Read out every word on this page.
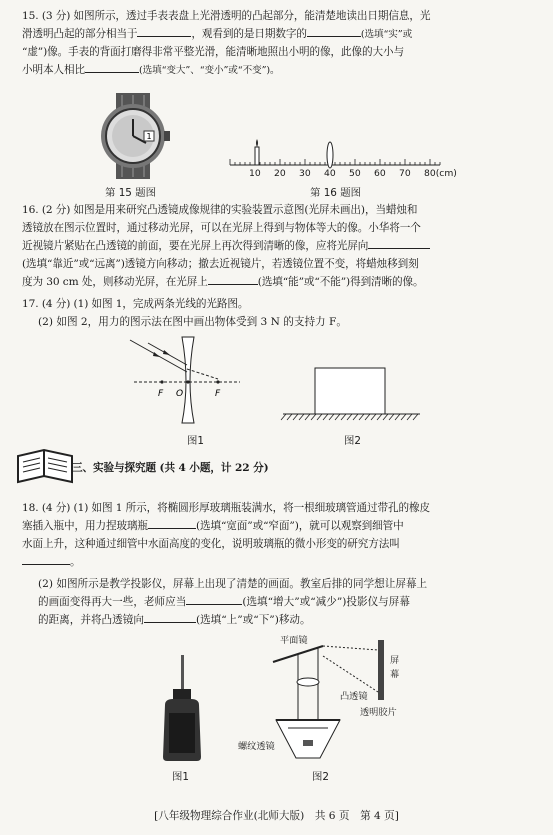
15. (3 分) 如图所示，透过手表表盘上光滑透明的凸起部分，能清楚地读出日期信息，光
滑透明凸起的部分相当于	，观看到的是日期数字的	(选填“实”或
“虚”)像。手表的背面打磨得非常平整光滑，能清晰地照出小明的像，此像的大小与
小明本人相比	(选填“变大”、“变小”或“不变”)。
1
第 15 题图
10 20 30 40 50 60 70 80(cm)
第 16 题图
16. (2 分) 如图是用来研究凸透镜成像规律的实验装置示意图(光屏未画出)，当蜡烛和
透镜放在图示位置时，通过移动光屏，可以在光屏上得到与物体等大的像。小华将一个
近视镜片紧贴在凸透镜的前面，要在光屏上再次得到清晰的像，应将光屏向
(选填“靠近”或“远离”)透镜方向移动；撤去近视镜片，若透镜位置不变，将蜡烛移到刻
度为 30 cm 处，则移动光屏，在光屏上	(选填“能”或“不能”)得到清晰的像。
17. (4 分) (1) 如图 1，完成两条光线的光路图。
(2) 如图 2，用力的图示法在图中画出物体受到 3 N 的支持力 F。
F O	F
图1	图2
三、实验与探究题 (共 4 小题，计 22 分)
18. (4 分) (1) 如图 1 所示，将椭圆形厚玻璃瓶装满水，将一根细玻璃管通过带孔的橡皮
塞插入瓶中，用力捏玻璃瓶	(选填“宽面”或“窄面”)，就可以观察到细管中
水面上升，这种通过细管中水面高度的变化，说明玻璃瓶的微小形变的研究方法叫
。
(2) 如图所示是教学投影仪，屏幕上出现了清楚的画面。教室后排的同学想让屏幕上
的画面变得再大一些，老师应当	(选填“增大”或“减少”)投影仪与屏幕
的距离，并将凸透镜向	(选填“上”或“下”)移动。
图1
平面镜
屏
幕
凸透镜
透明胶片
螺纹透镜
图2
[八年级物理综合作业(北师大版)　共 6 页　第 4 页]
